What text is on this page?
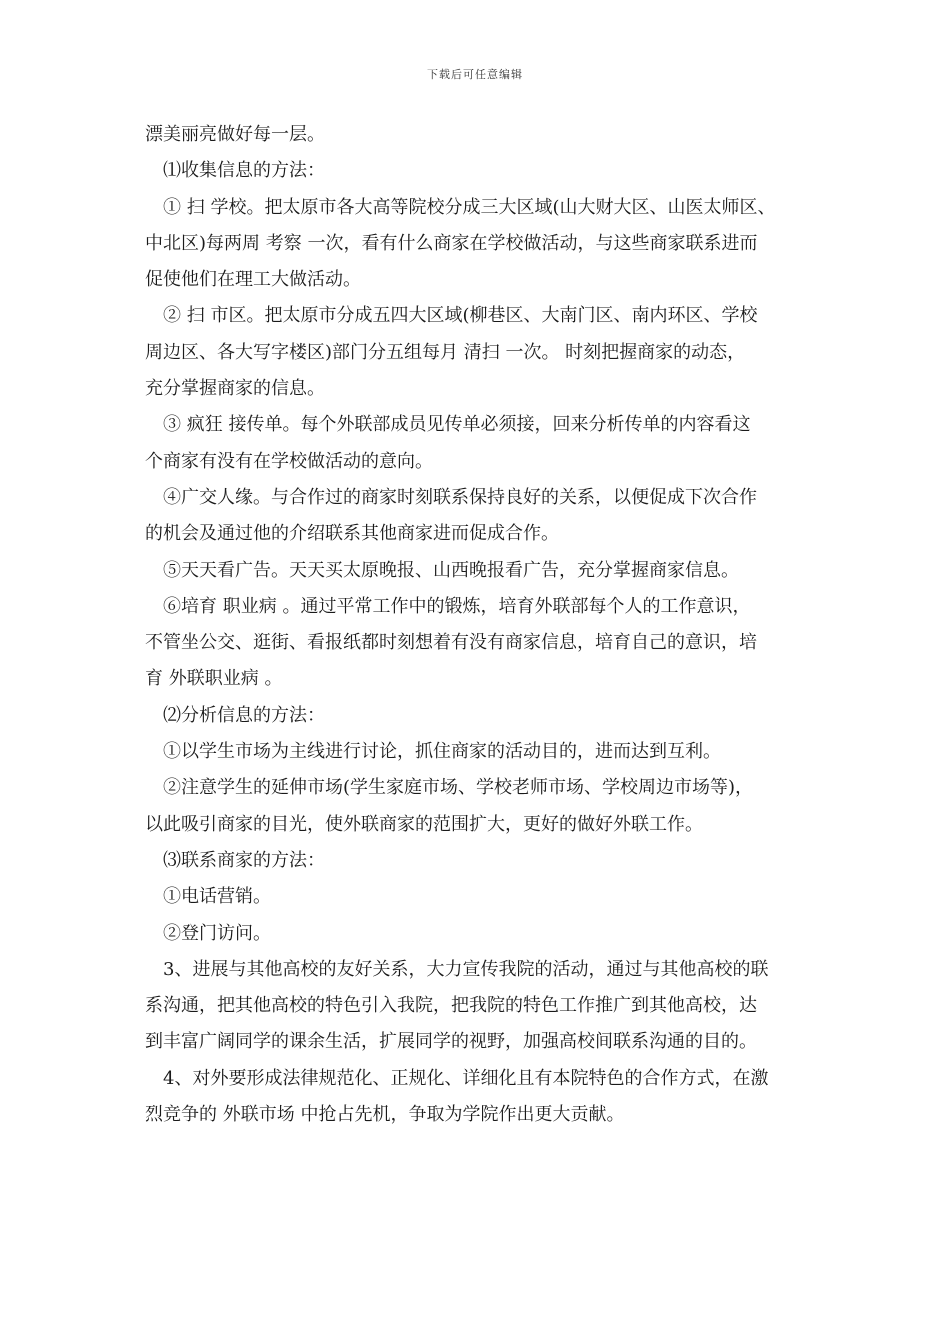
下载后可任意编辑
漂美丽亮做好每一层。
⑴收集信息的方法：
① 扫 学校。把太原市各大高等院校分成三大区域(山大财大区、山医太师区、
中北区)每两周 考察 一次，看有什么商家在学校做活动，与这些商家联系进而
促使他们在理工大做活动。
② 扫 市区。把太原市分成五四大区域(柳巷区、大南门区、南内环区、学校
周边区、各大写字楼区)部门分五组每月 清扫 一次。 时刻把握商家的动态，
充分掌握商家的信息。
③ 疯狂 接传单。每个外联部成员见传单必须接，回来分析传单的内容看这
个商家有没有在学校做活动的意向。
④广交人缘。与合作过的商家时刻联系保持良好的关系，以便促成下次合作
的机会及通过他的介绍联系其他商家进而促成合作。
⑤天天看广告。天天买太原晚报、山西晚报看广告，充分掌握商家信息。
⑥培育 职业病 。通过平常工作中的锻炼，培育外联部每个人的工作意识，
不管坐公交、逛街、看报纸都时刻想着有没有商家信息，培育自己的意识，培
育 外联职业病 。
⑵分析信息的方法：
①以学生市场为主线进行讨论，抓住商家的活动目的，进而达到互利。
②注意学生的延伸市场(学生家庭市场、学校老师市场、学校周边市场等)，
以此吸引商家的目光，使外联商家的范围扩大，更好的做好外联工作。
⑶联系商家的方法：
①电话营销。
②登门访问。
3、进展与其他高校的友好关系，大力宣传我院的活动，通过与其他高校的联
系沟通，把其他高校的特色引入我院，把我院的特色工作推广到其他高校，达
到丰富广阔同学的课余生活，扩展同学的视野，加强高校间联系沟通的目的。
4、对外要形成法律规范化、正规化、详细化且有本院特色的合作方式，在激
烈竞争的 外联市场 中抢占先机，争取为学院作出更大贡献。
